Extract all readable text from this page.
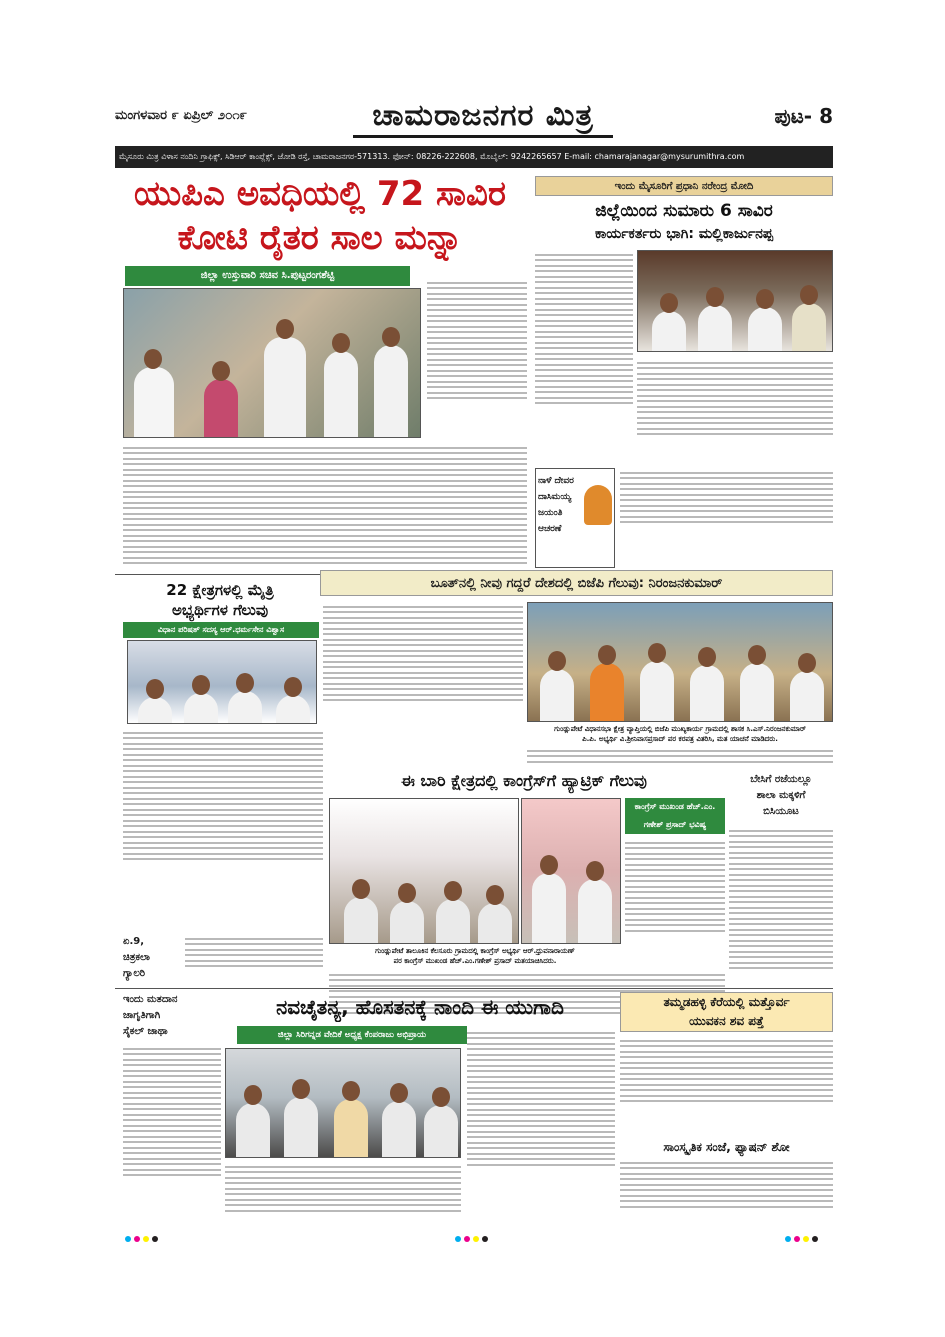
ಮಂಗಳವಾರ ೯ ಏಪ್ರಿಲ್ ೨೦೧೯	ಚಾಮರಾಜನಗರ ಮಿತ್ರ	ಪುಟ- 8
ಮೈಸೂರು ಮಿತ್ರ ವಿಳಾಸ ನಂದಿನಿ ಗ್ರಾಫಿಕ್ಸ್, ಸಿಡಿಆರ್ ಕಾಂಪ್ಲೆಕ್ಸ್, ಜೋಡಿ ರಸ್ತೆ, ಚಾಮರಾಜನಗರ-571313. ಫೋನ್: 08226-222608, ಮೊಬೈಲ್: 9242265657 E-mail: chamarajanagar@mysurumithra.com
ಯುಪಿಎ ಅವಧಿಯಲ್ಲಿ 72 ಸಾವಿರ
ಕೋಟಿ ರೈತರ ಸಾಲ ಮನ್ನಾ
ಜಿಲ್ಲಾ ಉಸ್ತುವಾರಿ ಸಚಿವ ಸಿ.ಪುಟ್ಟರಂಗಶೆಟ್ಟಿ
ಇಂದು ಮೈಸೂರಿಗೆ ಪ್ರಧಾನಿ ನರೇಂದ್ರ ಮೋದಿ
ಜಿಲ್ಲೆಯಿಂದ ಸುಮಾರು 6 ಸಾವಿರ
ಕಾರ್ಯಕರ್ತರು ಭಾಗಿ: ಮಲ್ಲಿಕಾರ್ಜುನಪ್ಪ
ನಾಳೆ ದೇವರ
ದಾಸಿಮಯ್ಯ
ಜಯಂತಿ
ಆಚರಣೆ
22 ಕ್ಷೇತ್ರಗಳಲ್ಲಿ ಮೈತ್ರಿ
ಅಭ್ಯರ್ಥಿಗಳ ಗೆಲುವು
ವಿಧಾನ ಪರಿಷತ್ ಸದಸ್ಯ ಆರ್.ಧರ್ಮಸೇನ ವಿಶ್ವಾಸ
ಬೂತ್‌ನಲ್ಲಿ ನೀವು ಗದ್ದರೆ ದೇಶದಲ್ಲಿ ಬಿಜೆಪಿ ಗೆಲುವು: ನಿರಂಜನಕುಮಾರ್
ಗುಂಡ್ಲುಪೇಟೆ ವಿಧಾನಸಭಾ ಕ್ಷೇತ್ರ ವ್ಯಾಪ್ತಿಯಲ್ಲಿ ಬಿಜೆಪಿ ಮುಖ್ಯಕಾರ್ಯ ಗ್ರಾಮದಲ್ಲಿ ಶಾಸಕ ಸಿ.ಎಸ್.ನಿರಂಜನಕುಮಾರ್
ಪಿ.ಪಿ. ಅಭ್ಯರ್ಥಿ ವಿ.ಶ್ರೀನಿವಾಸಪ್ರಸಾದ್ ಪರ ಕರಪತ್ರ ವಿತರಿಸಿ, ಮತ ಯಾಚನೆ ಮಾಡಿದರು.
ಈ ಬಾರಿ ಕ್ಷೇತ್ರದಲ್ಲಿ ಕಾಂಗ್ರೆಸ್‌ಗೆ ಹ್ಯಾಟ್ರಿಕ್ ಗೆಲುವು
ಗುಂಡ್ಲುಪೇಟೆ ತಾಲೂಕಿನ ಕೆಲಸೂರು ಗ್ರಾಮದಲ್ಲಿ ಕಾಂಗ್ರೆಸ್ ಅಭ್ಯರ್ಥಿ ಆರ್.ಧ್ರುವನಾರಾಯಣ್
ಪರ ಕಾಂಗ್ರೆಸ್ ಮುಖಂಡ ಹೆಚ್.ಎಂ.ಗಣೇಶ್ ಪ್ರಸಾದ್ ಮತಯಾಚಿಸಿದರು.
ಕಾಂಗ್ರೆಸ್ ಮುಖಂಡ ಹೆಚ್.ಎಂ.
ಗಣೇಶ್ ಪ್ರಸಾದ್ ಭವಿಷ್ಯ
ಬೇಸಿಗೆ ರಜೆಯಲ್ಲೂ
ಶಾಲಾ ಮಕ್ಕಳಿಗೆ
ಬಿಸಿಯೂಟ
ಏ.9,
ಚಿತ್ರಕಲಾ
ಗ್ಯಾಲರಿ
ಇಂದು ಮತದಾನ
ಜಾಗೃತಿಗಾಗಿ
ಸೈಕಲ್ ಜಾಥಾ
ನವಚೈತನ್ಯ, ಹೊಸತನಕ್ಕೆ ನಾಂದಿ ಈ ಯುಗಾದಿ
ಜಿಲ್ಲಾ ಸಿರಿಗನ್ನಡ ವೇದಿಕೆ ಅಧ್ಯಕ್ಷ ಕೆಂಪರಾಜು ಅಭಿಪ್ರಾಯ
ತಮ್ಮಡಹಳ್ಳಿ ಕೆರೆಯಲ್ಲಿ ಮತ್ತೊರ್ವ
ಯುವಕನ ಶವ ಪತ್ತೆ
ಸಾಂಸ್ಕೃತಿಕ ಸಂಜೆ, ಫ್ಯಾಷನ್ ಶೋ
